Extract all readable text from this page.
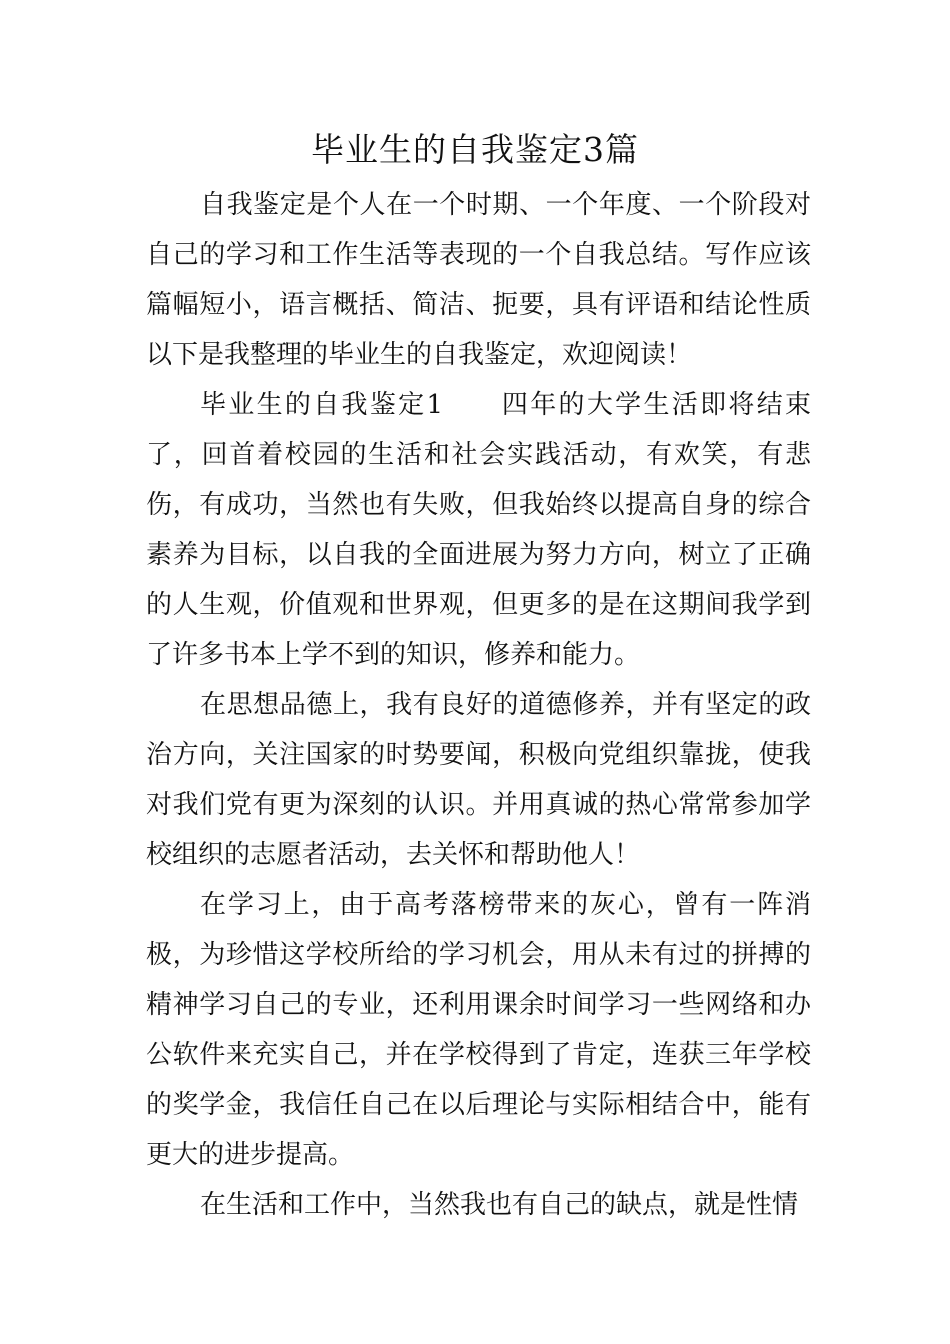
毕业生的自我鉴定3篇

自我鉴定是个人在一个时期、一个年度、一个阶段对自己的学习和工作生活等表现的一个自我总结。写作应该篇幅短小，语言概括、简洁、扼要，具有评语和结论性质以下是我整理的毕业生的自我鉴定，欢迎阅读！

毕业生的自我鉴定1　　四年的大学生活即将结束了，回首着校园的生活和社会实践活动，有欢笑，有悲伤，有成功，当然也有失败，但我始终以提高自身的综合素养为目标，以自我的全面进展为努力方向，树立了正确的人生观，价值观和世界观，但更多的是在这期间我学到了许多书本上学不到的知识，修养和能力。

在思想品德上，我有良好的道德修养，并有坚定的政治方向，关注国家的时势要闻，积极向党组织靠拢，使我对我们党有更为深刻的认识。并用真诚的热心常常参加学校组织的志愿者活动，去关怀和帮助他人！

在学习上，由于高考落榜带来的灰心，曾有一阵消极，为珍惜这学校所给的学习机会，用从未有过的拼搏的精神学习自己的专业，还利用课余时间学习一些网络和办公软件来充实自己，并在学校得到了肯定，连获三年学校的奖学金，我信任自己在以后理论与实际相结合中，能有更大的进步提高。

在生活和工作中，当然我也有自己的缺点，就是性情
